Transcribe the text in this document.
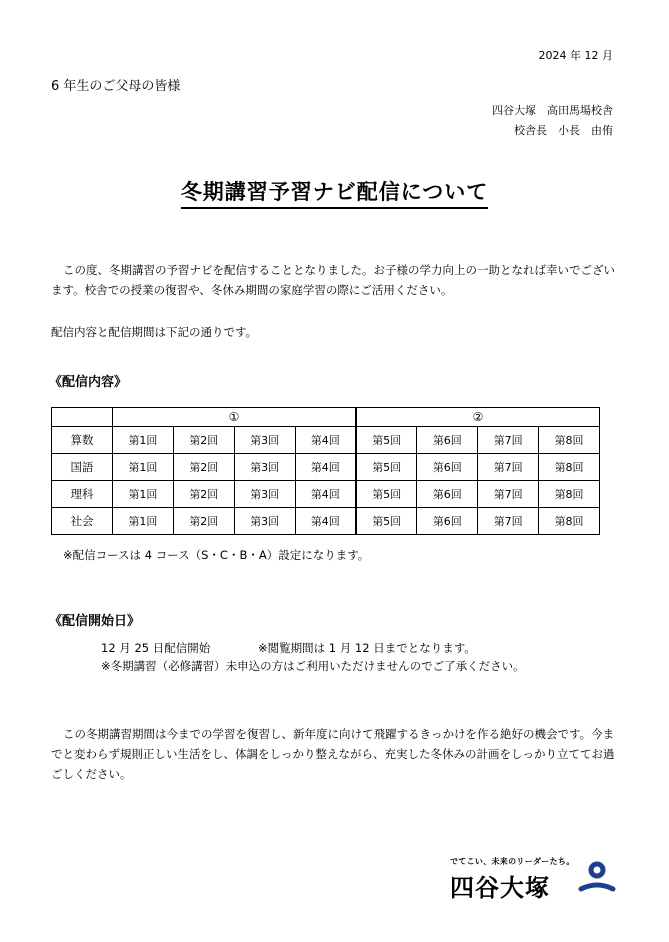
2024 年 12 月
6 年生のご父母の皆様
四谷大塚　高田馬場校舎
校舎長　小長　由侑
冬期講習予習ナビ配信について

この度、冬期講習の予習ナビを配信することとなりました。お子様の学力向上の一助となれば幸いでございます。校舎での授業の復習や、冬休み期間の家庭学習の際にご活用ください。

配信内容と配信期間は下記の通りです。
《配信内容》
	①				②			
算数	第1回	第2回	第3回	第4回	第5回	第6回	第7回	第8回
国語	第1回	第2回	第3回	第4回	第5回	第6回	第7回	第8回
理科	第1回	第2回	第3回	第4回	第5回	第6回	第7回	第8回
社会	第1回	第2回	第3回	第4回	第5回	第6回	第7回	第8回
※配信コースは 4 コース（S・C・B・A）設定になります。
《配信開始日》
12 月 25 日配信開始	※閲覧期間は 1 月 12 日までとなります。
※冬期講習（必修講習）未申込の方はご利用いただけませんのでご了承ください。

この冬期講習期間は今までの学習を復習し、新年度に向けて飛躍するきっかけを作る絶好の機会です。今までと変わらず規則正しい生活をし、体調をしっかり整えながら、充実した冬休みの計画をしっかり立ててお過ごしください。

でてこい、未来のリーダーたち。
四谷大塚
